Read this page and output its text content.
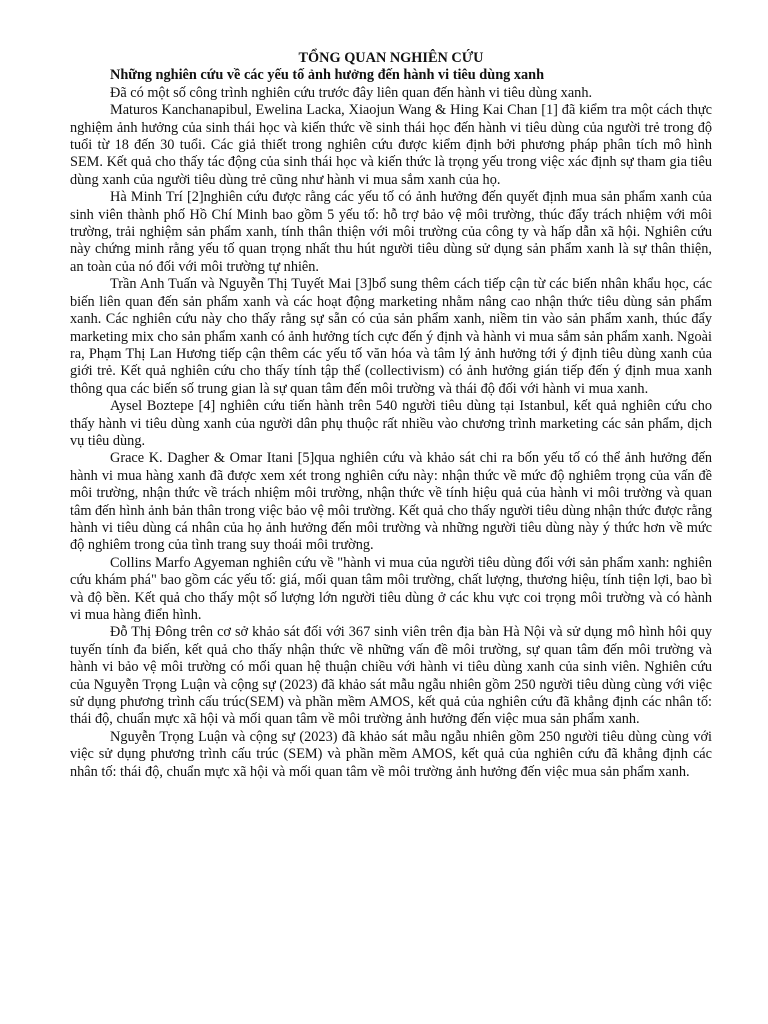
TỔNG QUAN NGHIÊN CỨU

Những nghiên cứu về các yếu tố ảnh hưởng đến hành vi tiêu dùng xanh

Đã có một số công trình nghiên cứu trước đây liên quan đến hành vi tiêu dùng xanh.

Maturos Kanchanapibul, Ewelina Lacka, Xiaojun Wang & Hing Kai Chan [1] đã kiểm tra một cách thực nghiệm ảnh hưởng của sinh thái học và kiến thức về sinh thái học đến hành vi tiêu dùng của người trẻ trong độ tuổi từ 18 đến 30 tuổi. Các giả thiết trong nghiên cứu được kiểm định bởi phương pháp phân tích mô hình SEM. Kết quả cho thấy tác động của sinh thái học và kiến thức là trọng yếu trong việc xác định sự tham gia tiêu dùng xanh của người tiêu dùng trẻ cũng như hành vi mua sắm xanh của họ.

Hà Minh Trí [2]nghiên cứu được rằng các yếu tố có ảnh hưởng đến quyết định mua sản phẩm xanh của sinh viên thành phố Hồ Chí Minh bao gồm 5 yếu tố: hỗ trợ bảo vệ môi trường, thúc đẩy trách nhiệm với môi trường, trải nghiệm sản phẩm xanh, tính thân thiện với môi trường của công ty và hấp dẫn xã hội. Nghiên cứu này chứng minh rằng yếu tố quan trọng nhất thu hút người tiêu dùng sử dụng sản phẩm xanh là sự thân thiện, an toàn của nó đối với môi trường tự nhiên.

Trần Anh Tuấn và Nguyễn Thị Tuyết Mai [3]bổ sung thêm cách tiếp cận từ các biến nhân khẩu học, các biến liên quan đến sản phẩm xanh và các hoạt động marketing nhằm nâng cao nhận thức tiêu dùng sản phẩm xanh. Các nghiên cứu này cho thấy rằng sự sẵn có của sản phẩm xanh, niềm tin vào sản phẩm xanh, thúc đẩy marketing mix cho sản phẩm xanh có ảnh hưởng tích cực đến ý định và hành vi mua sắm sản phẩm xanh. Ngoài ra, Phạm Thị Lan Hương tiếp cận thêm các yếu tố văn hóa và tâm lý ảnh hưởng tới ý định tiêu dùng xanh của giới trẻ. Kết quả nghiên cứu cho thấy tính tập thể (collectivism) có ảnh hưởng gián tiếp đến ý định mua xanh thông qua các biến số trung gian là sự quan tâm đến môi trường và thái độ đối với hành vi mua xanh.

Aysel Boztepe [4] nghiên cứu tiến hành trên 540 người tiêu dùng tại Istanbul, kết quả nghiên cứu cho thấy hành vi tiêu dùng xanh của người dân phụ thuộc rất nhiều vào chương trình marketing các sản phẩm, dịch vụ tiêu dùng.

Grace K. Dagher & Omar Itani [5]qua nghiên cứu và khảo sát chi ra bốn yếu tố có thể ảnh hưởng đến hành vi mua hàng xanh đã được xem xét trong nghiên cứu này: nhận thức về mức độ nghiêm trọng của vấn đề môi trường, nhận thức về trách nhiệm môi trường, nhận thức về tính hiệu quả của hành vi môi trường và quan tâm đến hình ảnh bản thân trong việc bảo vệ môi trường. Kết quả cho thấy người tiêu dùng nhận thức được rằng hành vi tiêu dùng cá nhân của họ ảnh hưởng đến môi trường và những người tiêu dùng này ý thức hơn về mức độ nghiêm trong của tình trang suy thoái môi trường.

Collins Marfo Agyeman nghiên cứu về "hành vi mua của người tiêu dùng đối với sản phẩm xanh: nghiên cứu khám phá" bao gồm các yếu tố: giá, mối quan tâm môi trường, chất lượng, thương hiệu, tính tiện lợi, bao bì và độ bền. Kết quả cho thấy một số lượng lớn người tiêu dùng ở các khu vực coi trọng môi trường và có hành vi mua hàng điển hình.

Đỗ Thị Đông trên cơ sở khảo sát đối với 367 sinh viên trên địa bàn Hà Nội và sử dụng mô hình hôi quy tuyến tính đa biến, kết quả cho thấy nhận thức về những vấn đề môi trường, sự quan tâm đến môi trường và hành vi bảo vệ môi trường có mối quan hệ thuận chiều với hành vi tiêu dùng xanh của sinh viên. Nghiên cứu của Nguyễn Trọng Luận và cộng sự (2023) đã khảo sát mẫu ngẫu nhiên gồm 250 người tiêu dùng cùng với việc sử dụng phương trình cấu trúc(SEM) và phần mềm AMOS, kết quả của nghiên cứu đã khẳng định các nhân tố: thái độ, chuẩn mực xã hội và mối quan tâm về môi trường ảnh hưởng đến việc mua sản phẩm xanh.

Nguyễn Trọng Luận và cộng sự (2023) đã khảo sát mẫu ngẫu nhiên gồm 250 người tiêu dùng cùng với việc sử dụng phương trình cấu trúc (SEM) và phần mềm AMOS, kết quả của nghiên cứu đã khẳng định các nhân tố: thái độ, chuẩn mực xã hội và mối quan tâm về môi trường ảnh hưởng đến việc mua sản phẩm xanh.
